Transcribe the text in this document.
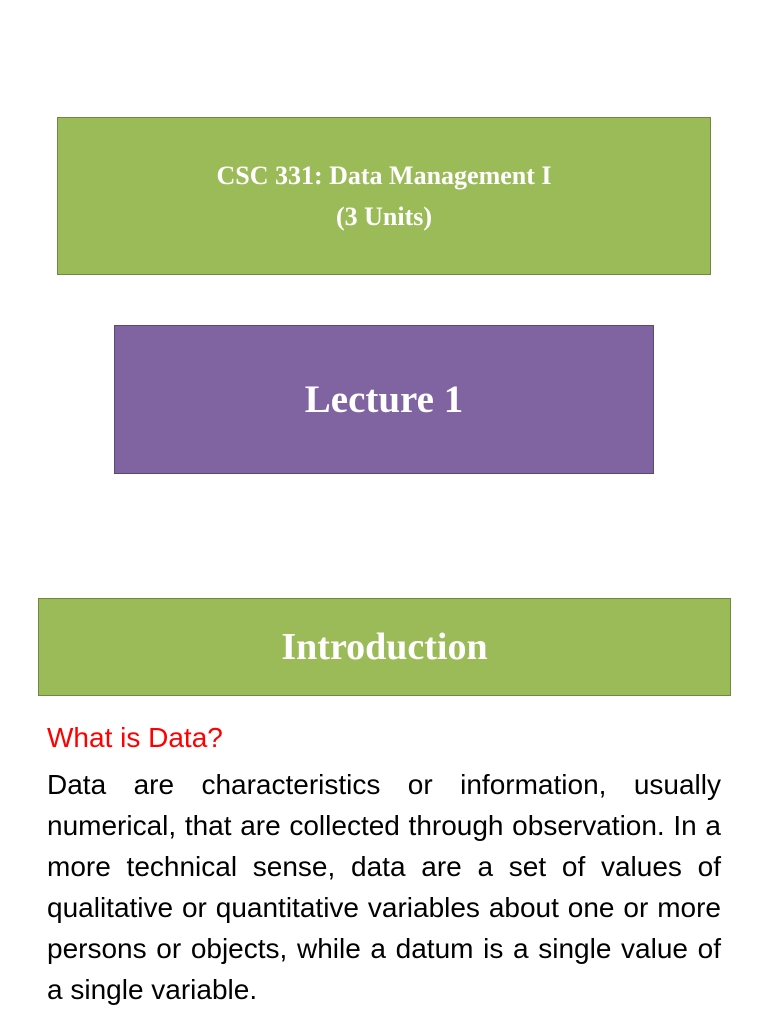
CSC 331: Data Management I
(3 Units)
Lecture 1
Introduction

What is Data?

Data are characteristics or information, usually numerical, that are collected through observation. In a more technical sense, data are a set of values of qualitative or quantitative variables about one or more persons or objects, while a datum is a single value of a single variable.
